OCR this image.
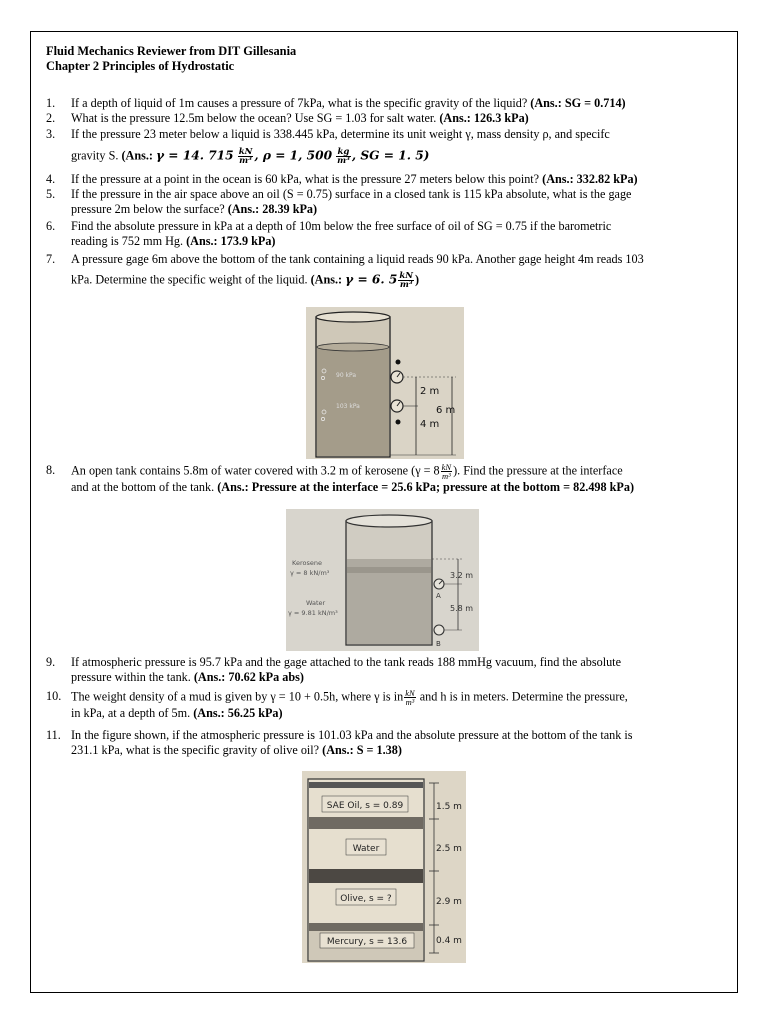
Fluid Mechanics Reviewer from DIT Gillesania
Chapter 2 Principles of Hydrostatic
1. If a depth of liquid of 1m causes a pressure of 7kPa, what is the specific gravity of the liquid? (Ans.: SG = 0.714)
2. What is the pressure 12.5m below the ocean? Use SG = 1.03 for salt water. (Ans.: 126.3 kPa)
3. If the pressure 23 meter below a liquid is 338.445 kPa, determine its unit weight γ, mass density ρ, and specifc
gravity S. (Ans.: γ = 14. $715 \frac{kN}{\text{m³}}$ , ρ = 1, $500 \frac{kg}{\text{m³}}$ , SG = 1. 5)
4. If the pressure at a point in the ocean is 60 kPa, what is the pressure 27 meters below this point? (Ans.: 332.82 kPa)
5. If the pressure in the air space above an oil (S = 0.75) surface in a closed tank is 115 kPa absolute, what is the gage
pressure 2m below the surface? (Ans.: 28.39 kPa)
6. Find the absolute pressure in kPa at a depth of 10m below the free surface of oil of SG = 0.75 if the barometric
reading is 752 mm Hg. (Ans.: 173.9 kPa)
7. A pressure gage 6m above the bottom of the tank containing a liquid reads 90 kPa. Another gage height 4m reads 103
kPa. Determine the specific weight of the liquid. (Ans.: γ = 6. $5 \frac{kN}{\text{m³}}$ )
90 kPa
103 kPa
2 m
4 m
6 m
8. An open tank contains 5.8m of water covered with 3.2 m of kerosene ($\gamma = 8 \frac{kN}{\text{m³}}$ ). Find the pressure at the interface
and at the bottom of the tank. (Ans.: Pressure at the interface = 25.6 kPa; pressure at the bottom = 82.498 kPa)
Kerosene
γ = 8 kN/m³
Water
γ = 9.81 kN/m³
A
B
3.2 m
5.8 m
9. If atmospheric pressure is 95.7 kPa and the gage attached to the tank reads 188 mmHg vacuum, find the absolute
pressure within the tank. (Ans.: 70.62 kPa abs)
10. The weight density of a mud is given by γ = 10 + 0.5h, where γ is in $\frac{kN}{\text{m³}}$ and h is in meters. Determine the pressure,
in kPa, at a depth of 5m. (Ans.: 56.25 kPa)
11. In the figure shown, if the atmospheric pressure is 101.03 kPa and the absolute pressure at the bottom of the tank is
231.1 kPa, what is the specific gravity of olive oil? (Ans.: S = 1.38)
SAE Oil, s = 0.89
Water
Olive, s = ?
Mercury, s = 13.6
1.5 m
2.5 m
2.9 m
0.4 m
